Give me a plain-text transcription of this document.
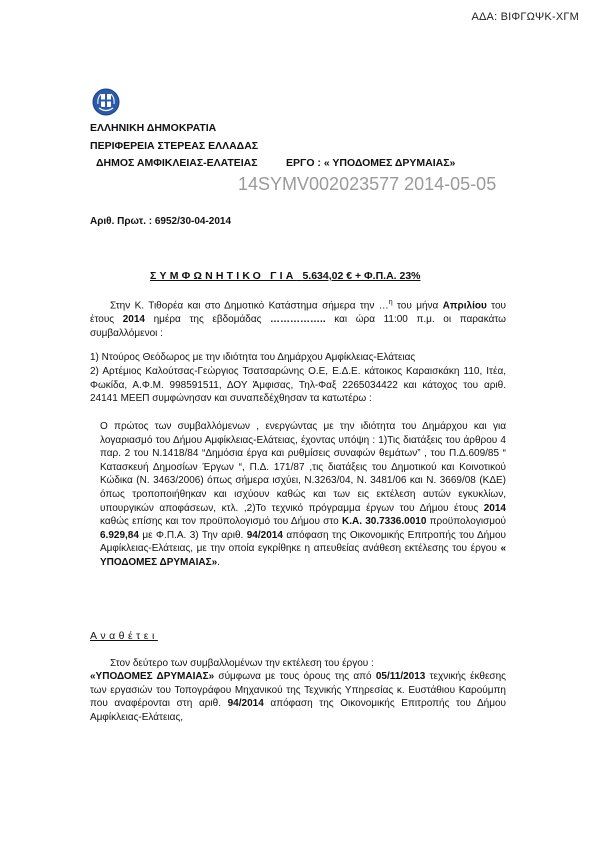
ΑΔΑ: ΒΙΦΓΩΨΚ-ΧΓΜ
ΕΛΛΗΝΙΚΗ ΔΗΜΟΚΡΑΤΙΑ
ΠΕΡΙΦΕΡΕΙΑ ΣΤΕΡΕΑΣ ΕΛΛΑΔΑΣ
ΔΗΜΟΣ ΑΜΦΙΚΛΕΙΑΣ-ΕΛΑΤΕΙΑΣ	ΕΡΓΟ : « ΥΠΟΔΟΜΕΣ ΔΡΥΜΑΙΑΣ»
14SYMV002023577 2014-05-05
Αριθ. Πρωτ. : 6952/30-04-2014
ΣΥΜΦΩΝΗΤΙΚΟ ΓΙΑ 5.634,02 € + Φ.Π.Α. 23%
Στην Κ. Τιθορέα και στο Δημοτικό Κατάστημα σήμερα την …$^\eta$ του μήνα Απριλίου του έτους 2014 ημέρα της εβδομάδας …………….. και ώρα 11:00 π.μ. οι παρακάτω συμβαλλόμενοι :
1) Ντούρος Θεόδωρος με την ιδιότητα του Δημάρχου Αμφίκλειας-Ελάτειας
2) Αρτέμιος Καλούτσας-Γεώργιος Τσατσαρώνης Ο.Ε, Ε.Δ.Ε. κάτοικος Καραισκάκη 110, Ιτέα, Φωκίδα, Α.Φ.Μ. 998591511, ΔΟΥ Άμφισας, Τηλ-Φαξ 2265034422 και κάτοχος του αριθ. 24141 ΜΕΕΠ συμφώνησαν και συναπεδέχθησαν τα κατωτέρω :
Ο πρώτος των συμβαλλόμενων , ενεργώντας με την ιδιότητα του Δημάρχου και για λογαριασμό του Δήμου Αμφίκλειας-Ελάτειας, έχοντας υπόψη : 1)Τις διατάξεις του άρθρου 4 παρ. 2 του Ν.1418/84 “Δημόσια έργα και ρυθμίσεις συναφών θεμάτων” , του Π.Δ.609/85 “ Κατασκευή Δημοσίων Έργων “, Π.Δ. 171/87 ,τις διατάξεις του Δημοτικού και Κοινοτικού Κώδικα (Ν. 3463/2006) όπως σήμερα ισχύει, Ν.3263/04, Ν. 3481/06 και Ν. 3669/08 (ΚΔΕ) όπως τροποποιήθηκαν και ισχύουν καθώς και των εις εκτέλεση αυτών εγκυκλίων, υπουργικών αποφάσεων, κτλ. ,2)Το τεχνικό πρόγραμμα έργων του Δήμου έτους 2014 καθώς επίσης και τον προϋπολογισμό του Δήμου στο Κ.Α. 30.7336.0010 προϋπολογισμού 6.929,84 με Φ.Π.Α. 3) Την αριθ. 94/2014 απόφαση της Οικονομικής Επιτροπής του Δήμου Αμφίκλειας-Ελάτειας, με την οποία εγκρίθηκε η απευθείας ανάθεση εκτέλεσης του έργου « ΥΠΟΔΟΜΕΣ ΔΡΥΜΑΙΑΣ».
Αναθέτει
Στον δεύτερο των συμβαλλομένων την εκτέλεση του έργου :
«ΥΠΟΔΟΜΕΣ ΔΡΥΜΑΙΑΣ» σύμφωνα με τους όρους της από 05/11/2013 τεχνικής έκθεσης των εργασιών του Τοπογράφου Μηχανικού της Τεχνικής Υπηρεσίας κ. Ευστάθιου Καρούμπη που αναφέρονται στη αριθ. 94/2014 απόφαση της Οικονομικής Επιτροπής του Δήμου Αμφίκλειας-Ελάτειας,
